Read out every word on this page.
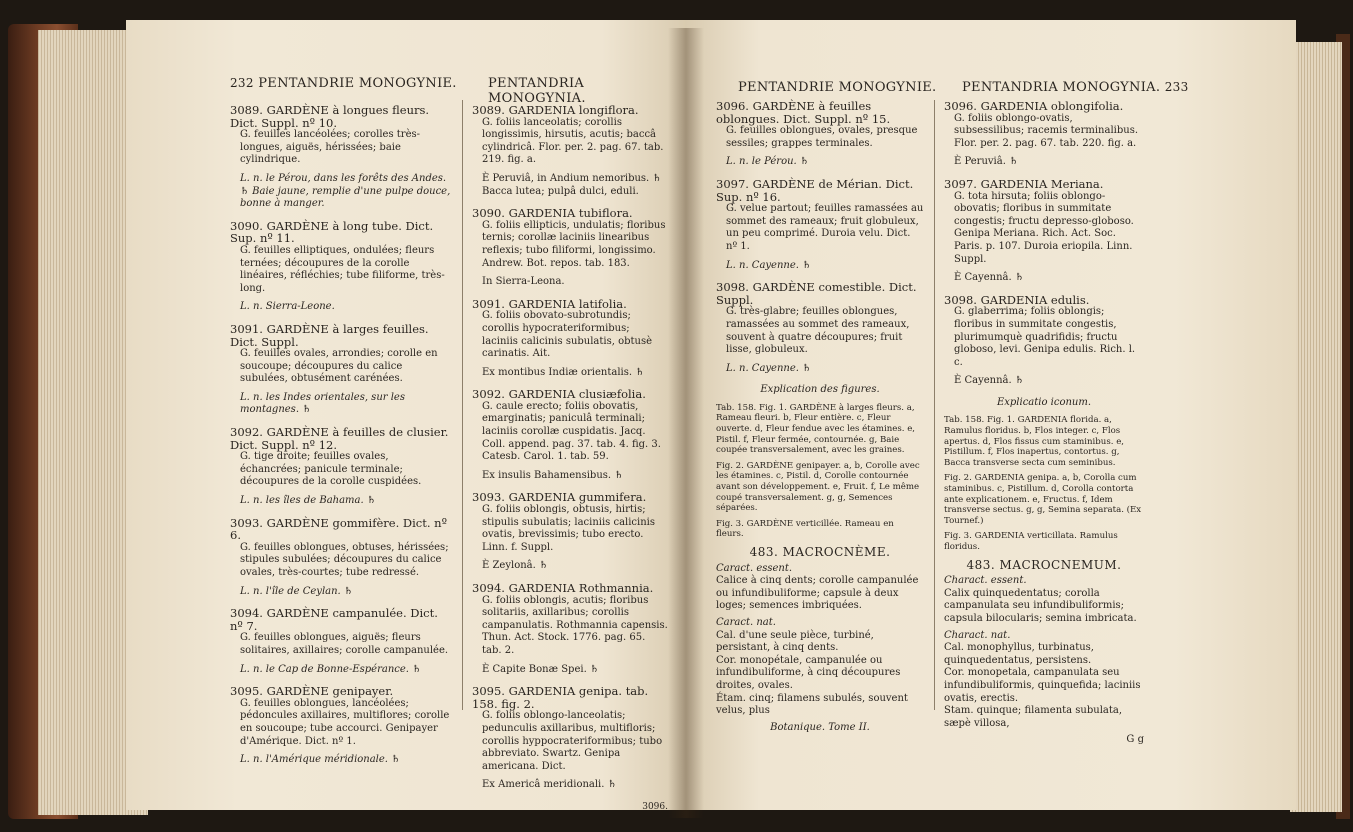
232 PENTANDRIE MONOGYNIE. PENTANDRIA MONOGYNIA.
3089. GARDÈNE à longues fleurs. Dict. Suppl. nº 10.
G. feuilles lancéolées; corolles très-longues, aiguës, hérissées; baie cylindrique.
L. n. le Pérou, dans les forêts des Andes. ♄ Baie jaune, remplie d'une pulpe douce, bonne à manger.
3090. GARDÈNE à long tube. Dict. Sup. nº 11.
G. feuilles elliptiques, ondulées; fleurs ternées; découpures de la corolle linéaires, réfléchies; tube filiforme, très-long.
L. n. Sierra-Leone.
3091. GARDÈNE à larges feuilles. Dict. Suppl.
G. feuilles ovales, arrondies; corolle en soucoupe; découpures du calice subulées, obtusément carénées.
L. n. les Indes orientales, sur les montagnes. ♄
3092. GARDÈNE à feuilles de clusier. Dict. Suppl. nº 12.
G. tige droite; feuilles ovales, échancrées; panicule terminale; découpures de la corolle cuspidées.
L. n. les îles de Bahama. ♄
3093. GARDÈNE gommifère. Dict. nº 6.
G. feuilles oblongues, obtuses, hérissées; stipules subulées; découpures du calice ovales, très-courtes; tube redressé.
L. n. l'île de Ceylan. ♄
3094. GARDÈNE campanulée. Dict. nº 7.
G. feuilles oblongues, aiguës; fleurs solitaires, axillaires; corolle campanulée.
L. n. le Cap de Bonne-Espérance. ♄
3095. GARDÈNE genipayer.
G. feuilles oblongues, lancéolées; pédoncules axillaires, multiflores; corolle en soucoupe; tube accourci. Genipayer d'Amérique. Dict. nº 1.
L. n. l'Amérique méridionale. ♄
3089. GARDENIA longiflora.
G. foliis lanceolatis; corollis longissimis, hirsutis, acutis; baccâ cylindricâ. Flor. per. 2. pag. 67. tab. 219. fig. a.
È Peruviâ, in Andium nemoribus. ♄ Bacca lutea; pulpâ dulci, eduli.
3090. GARDENIA tubiflora.
G. foliis ellipticis, undulatis; floribus ternis; corollæ laciniis linearibus reflexis; tubo filiformi, longissimo. Andrew. Bot. repos. tab. 183.
In Sierra-Leona.
3091. GARDENIA latifolia.
G. foliis obovato-subrotundis; corollis hypocrateriformibus; laciniis calicinis subulatis, obtusè carinatis. Ait.
Ex montibus Indiæ orientalis. ♄
3092. GARDENIA clusiæfolia.
G. caule erecto; foliis obovatis, emarginatis; paniculâ terminali; laciniis corollæ cuspidatis. Jacq. Coll. append. pag. 37. tab. 4. fig. 3. Catesb. Carol. 1. tab. 59.
Ex insulis Bahamensibus. ♄
3093. GARDENIA gummifera.
G. foliis oblongis, obtusis, hirtis; stipulis subulatis; laciniis calicinis ovatis, brevissimis; tubo erecto. Linn. f. Suppl.
È Zeylonâ. ♄
3094. GARDENIA Rothmannia.
G. foliis oblongis, acutis; floribus solitariis, axillaribus; corollis campanulatis. Rothmannia capensis. Thun. Act. Stock. 1776. pag. 65. tab. 2.
È Capite Bonæ Spei. ♄
3095. GARDENIA genipa. tab. 158. fig. 2.
G. foliis oblongo-lanceolatis; pedunculis axillaribus, multifloris; corollis hyppocrateriformibus; tubo abbreviato. Swartz. Genipa americana. Dict.
Ex Americâ meridionali. ♄
3096.
PENTANDRIE MONOGYNIE. PENTANDRIA MONOGYNIA. 233
3096. GARDÈNE à feuilles oblongues. Dict. Suppl. nº 15.
G. feuilles oblongues, ovales, presque sessiles; grappes terminales.
L. n. le Pérou. ♄
3097. GARDÈNE de Mérian. Dict. Sup. nº 16.
G. velue partout; feuilles ramassées au sommet des rameaux; fruit globuleux, un peu comprimé. Duroia velu. Dict. nº 1.
L. n. Cayenne. ♄
3098. GARDÈNE comestible. Dict. Suppl.
G. très-glabre; feuilles oblongues, ramassées au sommet des rameaux, souvent à quatre découpures; fruit lisse, globuleux.
L. n. Cayenne. ♄
Explication des figures.
Tab. 158. Fig. 1. GARDÈNE à larges fleurs. a, Rameau fleuri. b, Fleur entière. c, Fleur ouverte. d, Fleur fendue avec les étamines. e, Pistil. f, Fleur fermée, contournée. g, Baie coupée transversalement, avec les graines.
Fig. 2. GARDÈNE genipayer. a, b, Corolle avec les étamines. c, Pistil. d, Corolle contournée avant son développement. e, Fruit. f, Le même coupé transversalement. g, g, Semences séparées.
Fig. 3. GARDÈNE verticillée. Rameau en fleurs.
483. MACROCNÈME.
Caract. essent.
Calice à cinq dents; corolle campanulée ou infundibuliforme; capsule à deux loges; semences imbriquées.
Caract. nat.
Cal. d'une seule pièce, turbiné, persistant, à cinq dents.
Cor. monopétale, campanulée ou infundibuliforme, à cinq découpures droites, ovales.
Étam. cinq; filamens subulés, souvent velus, plus
Botanique. Tome II.
3096. GARDENIA oblongifolia.
G. foliis oblongo-ovatis, subsessilibus; racemis terminalibus. Flor. per. 2. pag. 67. tab. 220. fig. a.
È Peruviâ. ♄
3097. GARDENIA Meriana.
G. tota hirsuta; foliis oblongo-obovatis; floribus in summitate congestis; fructu depresso-globoso. Genipa Meriana. Rich. Act. Soc. Paris. p. 107. Duroia eriopila. Linn. Suppl.
È Cayennâ. ♄
3098. GARDENIA edulis.
G. glaberrima; foliis oblongis; floribus in summitate congestis, plurimumquè quadrifidis; fructu globoso, levi. Genipa edulis. Rich. l. c.
È Cayennâ. ♄
Explicatio iconum.
Tab. 158. Fig. 1. GARDENIA florida. a, Ramulus floridus. b, Flos integer. c, Flos apertus. d, Flos fissus cum staminibus. e, Pistillum. f, Flos inapertus, contortus. g, Bacca transverse secta cum seminibus.
Fig. 2. GARDENIA genipa. a, b, Corolla cum staminibus. c, Pistillum. d, Corolla contorta ante explicationem. e, Fructus. f, Idem transverse sectus. g, g, Semina separata. (Ex Tournef.)
Fig. 3. GARDENIA verticillata. Ramulus floridus.
483. MACROCNEMUM.
Charact. essent.
Calix quinquedentatus; corolla campanulata seu infundibuliformis; capsula bilocularis; semina imbricata.
Charact. nat.
Cal. monophyllus, turbinatus, quinquedentatus, persistens.
Cor. monopetala, campanulata seu infundibuliformis, quinquefida; laciniis ovatis, erectis.
Stam. quinque; filamenta subulata, sæpè villosa,
G g
